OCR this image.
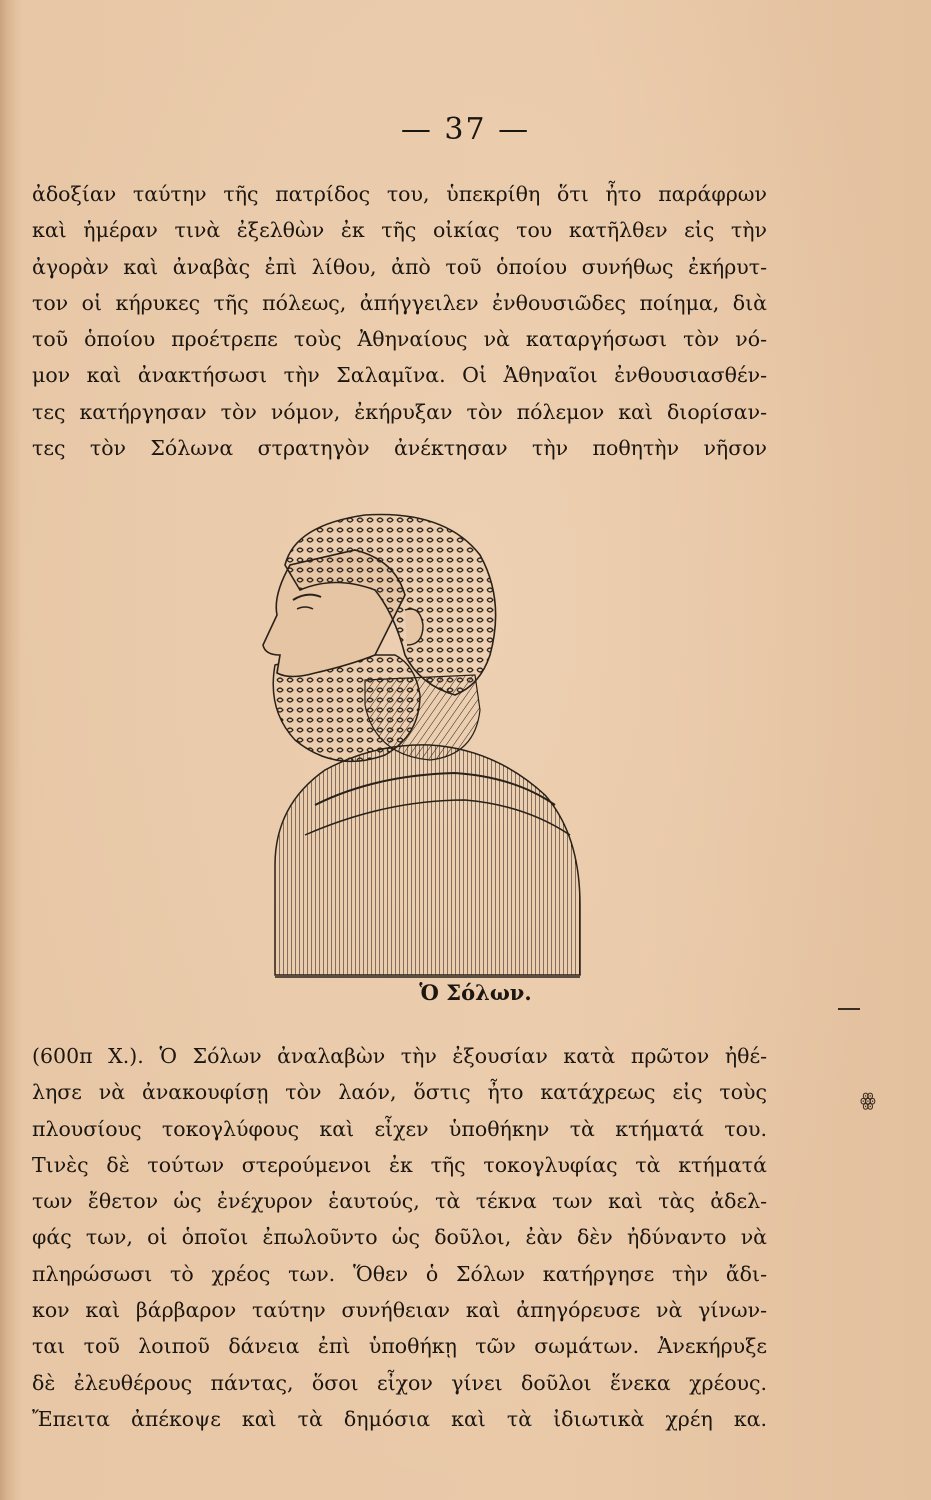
— 37 —
ἀδοξίαν ταύτην τῆς πατρίδος του, ὑπεκρίθη ὅτι ἦτο παράφρων
καὶ ἡμέραν τινὰ ἐξελθὼν ἐκ τῆς οἰκίας του κατῆλθεν εἰς τὴν
ἀγορὰν καὶ ἀναβὰς ἐπὶ λίθου, ἀπὸ τοῦ ὁποίου συνήθως ἐκήρυτ-
τον οἱ κήρυκες τῆς πόλεως, ἀπήγγειλεν ἐνθουσιῶδες ποίημα, διὰ
τοῦ ὁποίου προέτρεπε τοὺς Ἀθηναίους νὰ καταργήσωσι τὸν νό-
μον καὶ ἀνακτήσωσι τὴν Σαλαμῖνα. Οἱ Ἀθηναῖοι ἐνθουσιασθέν-
τες κατήργησαν τὸν νόμον, ἐκήρυξαν τὸν πόλεμον καὶ διορίσαν-
τες τὸν Σόλωνα στρατηγὸν ἀνέκτησαν τὴν ποθητὴν νῆσον
Ὁ Σόλων.
ꙮ
(600π Χ.). Ὁ Σόλων ἀναλαβὼν τὴν ἐξουσίαν κατὰ πρῶτον ἠθέ-
λησε νὰ ἀνακουφίσῃ τὸν λαόν, ὅστις ἦτο κατάχρεως εἰς τοὺς
πλουσίους τοκογλύφους καὶ εἶχεν ὑποθήκην τὰ κτήματά του.
Τινὲς δὲ τούτων στερούμενοι ἐκ τῆς τοκογλυφίας τὰ κτήματά
των ἔθετον ὡς ἐνέχυρον ἑαυτούς, τὰ τέκνα των καὶ τὰς ἀδελ-
φάς των, οἱ ὁποῖοι ἐπωλοῦντο ὡς δοῦλοι, ἐὰν δὲν ἠδύναντο νὰ
πληρώσωσι τὸ χρέος των. Ὅθεν ὁ Σόλων κατήργησε τὴν ἄδι-
κον καὶ βάρβαρον ταύτην συνήθειαν καὶ ἀπηγόρευσε νὰ γίνων-
ται τοῦ λοιποῦ δάνεια ἐπὶ ὑποθήκῃ τῶν σωμάτων. Ἀνεκήρυξε
δὲ ἐλευθέρους πάντας, ὅσοι εἶχον γίνει δοῦλοι ἕνεκα χρέους.
Ἔπειτα ἀπέκοψε καὶ τὰ δημόσια καὶ τὰ ἰδιωτικὰ χρέη κα.
